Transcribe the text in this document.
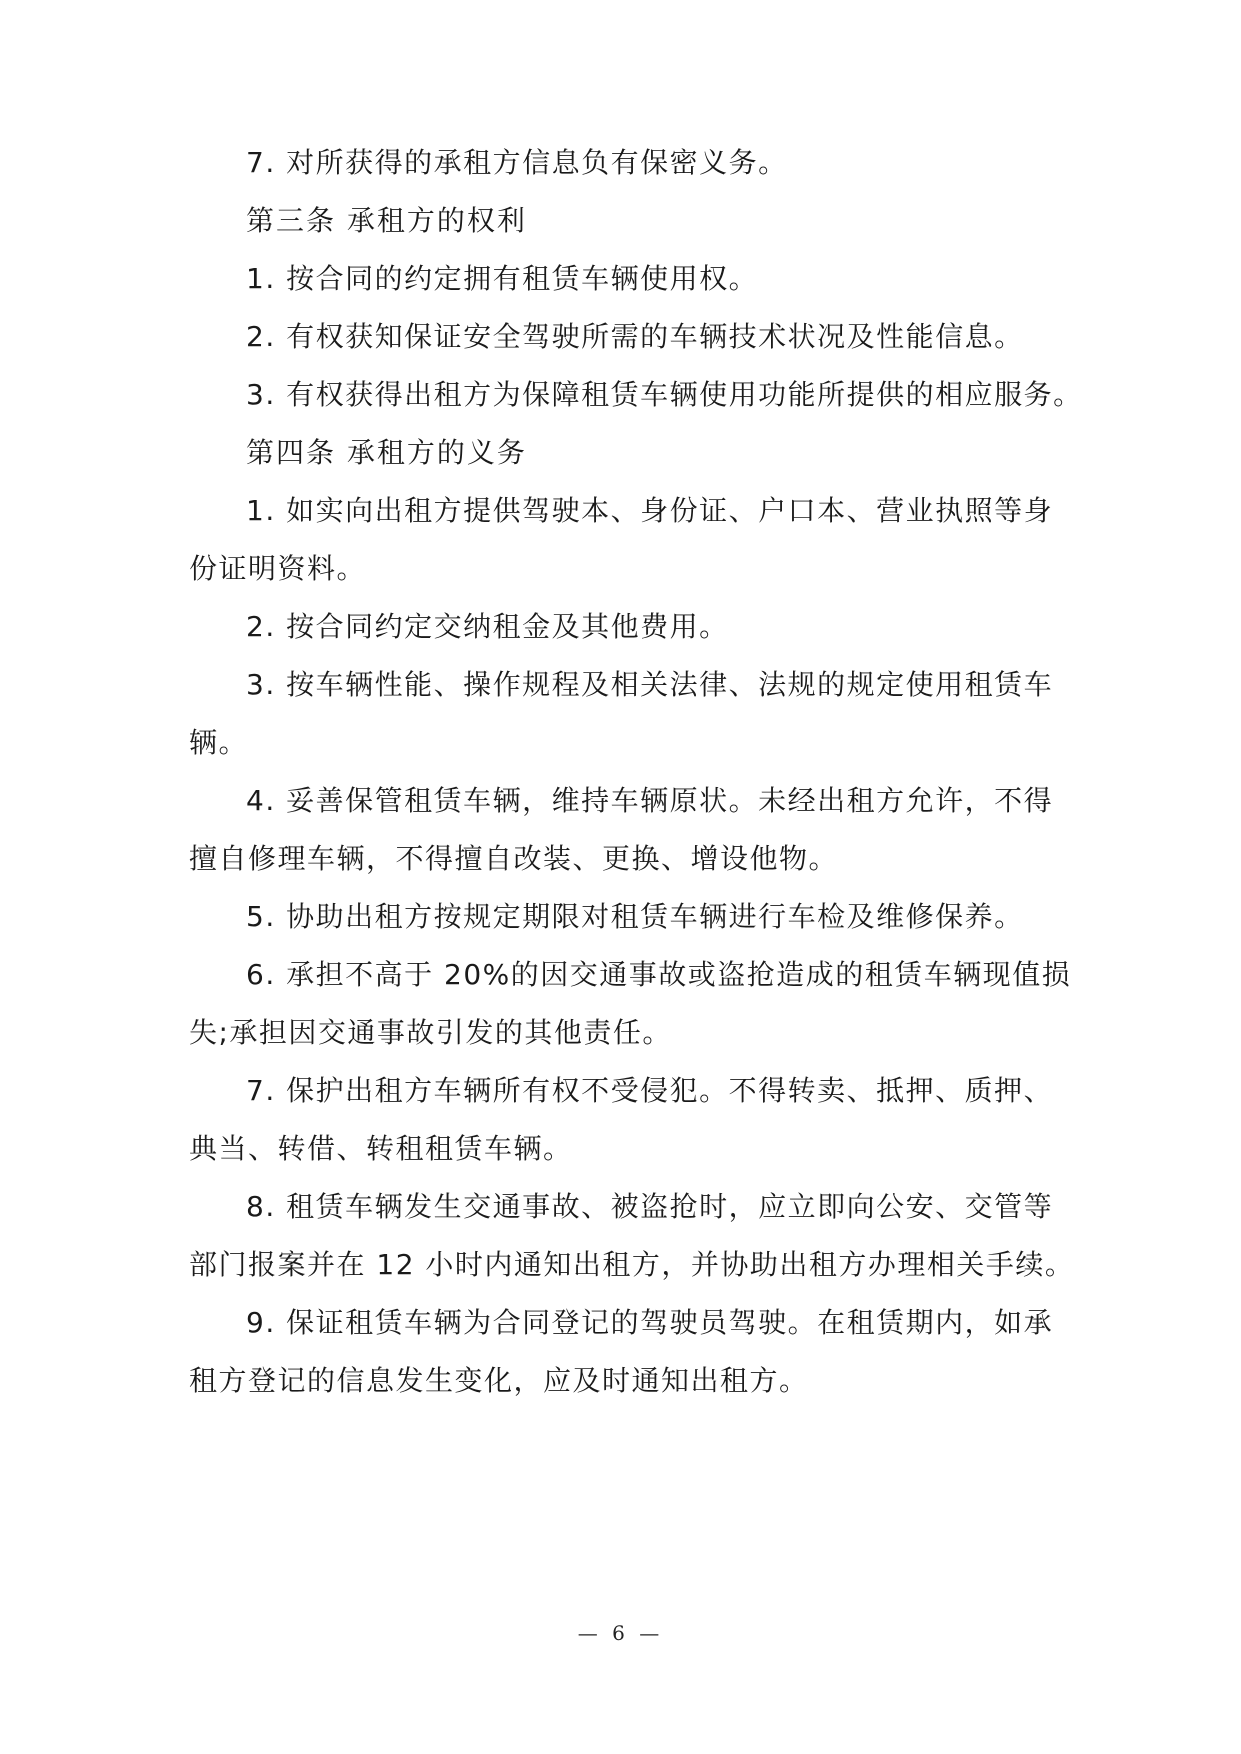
7. 对所获得的承租方信息负有保密义务。
第三条 承租方的权利
1. 按合同的约定拥有租赁车辆使用权。
2. 有权获知保证安全驾驶所需的车辆技术状况及性能信息。
3. 有权获得出租方为保障租赁车辆使用功能所提供的相应服务。
第四条 承租方的义务
1. 如实向出租方提供驾驶本、身份证、户口本、营业执照等身
份证明资料。
2. 按合同约定交纳租金及其他费用。
3. 按车辆性能、操作规程及相关法律、法规的规定使用租赁车
辆。
4. 妥善保管租赁车辆，维持车辆原状。未经出租方允许，不得
擅自修理车辆，不得擅自改装、更换、增设他物。
5. 协助出租方按规定期限对租赁车辆进行车检及维修保养。
6. 承担不高于 20%的因交通事故或盗抢造成的租赁车辆现值损
失;承担因交通事故引发的其他责任。
7. 保护出租方车辆所有权不受侵犯。不得转卖、抵押、质押、
典当、转借、转租租赁车辆。
8. 租赁车辆发生交通事故、被盗抢时，应立即向公安、交管等
部门报案并在 12 小时内通知出租方，并协助出租方办理相关手续。
9. 保证租赁车辆为合同登记的驾驶员驾驶。在租赁期内，如承
租方登记的信息发生变化，应及时通知出租方。
— 6 —
